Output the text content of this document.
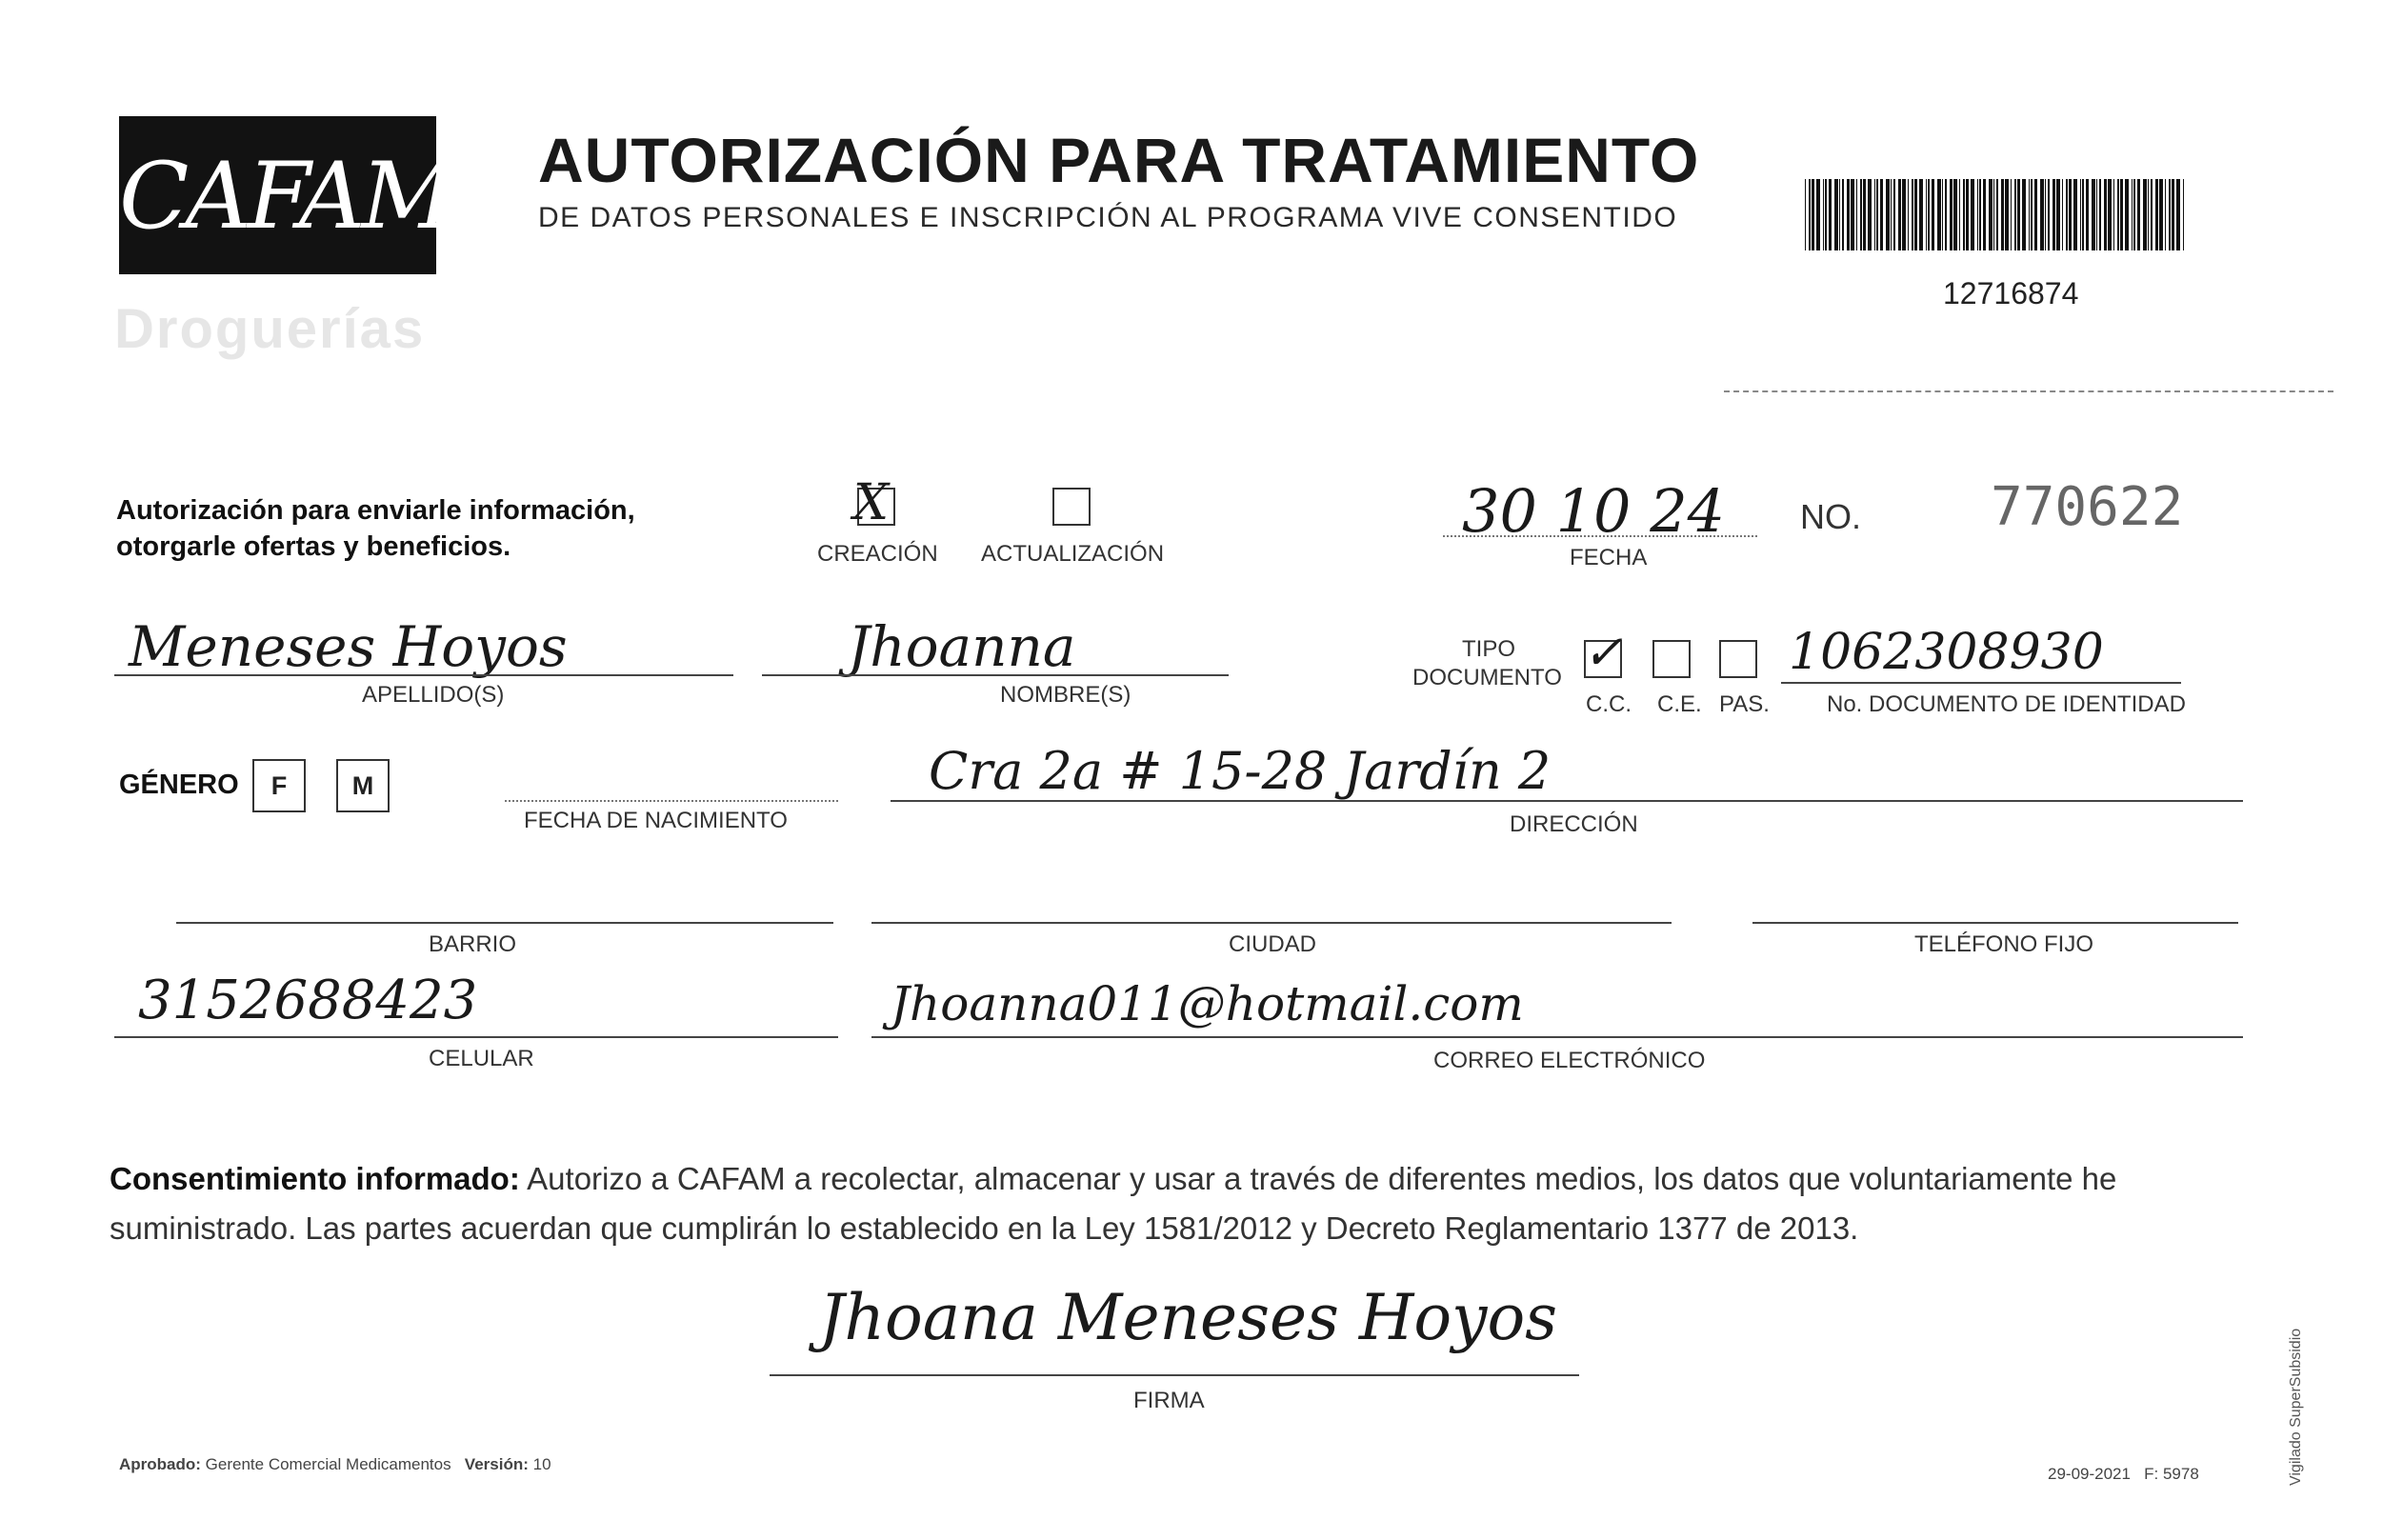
CAFAM
Droguerías
AUTORIZACIÓN PARA TRATAMIENTO
DE DATOS PERSONALES E INSCRIPCIÓN AL PROGRAMA VIVE CONSENTIDO
12716874
Autorización para enviarle información,
otorgarle ofertas y beneficios.
X
CREACIÓN ACTUALIZACIÓN
30 10 24
FECHA
NO. 770622
Meneses Hoyos
APELLIDO(S)
Jhoanna
NOMBRE(S)
TIPO
DOCUMENTO ✓
C.C. C.E. PAS.
1062308930
No. DOCUMENTO DE IDENTIDAD
GÉNERO	F	M
FECHA DE NACIMIENTO
Cra 2a # 15-28 Jardín 2
DIRECCIÓN
BARRIO	CIUDAD	TELÉFONO FIJO
3152688423
CELULAR
Jhoanna011@hotmail.com
CORREO ELECTRÓNICO
Consentimiento informado: Autorizo a CAFAM a recolectar, almacenar y usar a través de diferentes medios, los datos que voluntariamente he suministrado. Las partes acuerdan que cumplirán lo establecido en la Ley 1581/2012 y Decreto Reglamentario 1377 de 2013.
Jhoana Meneses Hoyos
FIRMA
Aprobado: Gerente Comercial Medicamentos Versión: 10
29-09-2021 F: 5978	Vigilado SuperSubsidio
